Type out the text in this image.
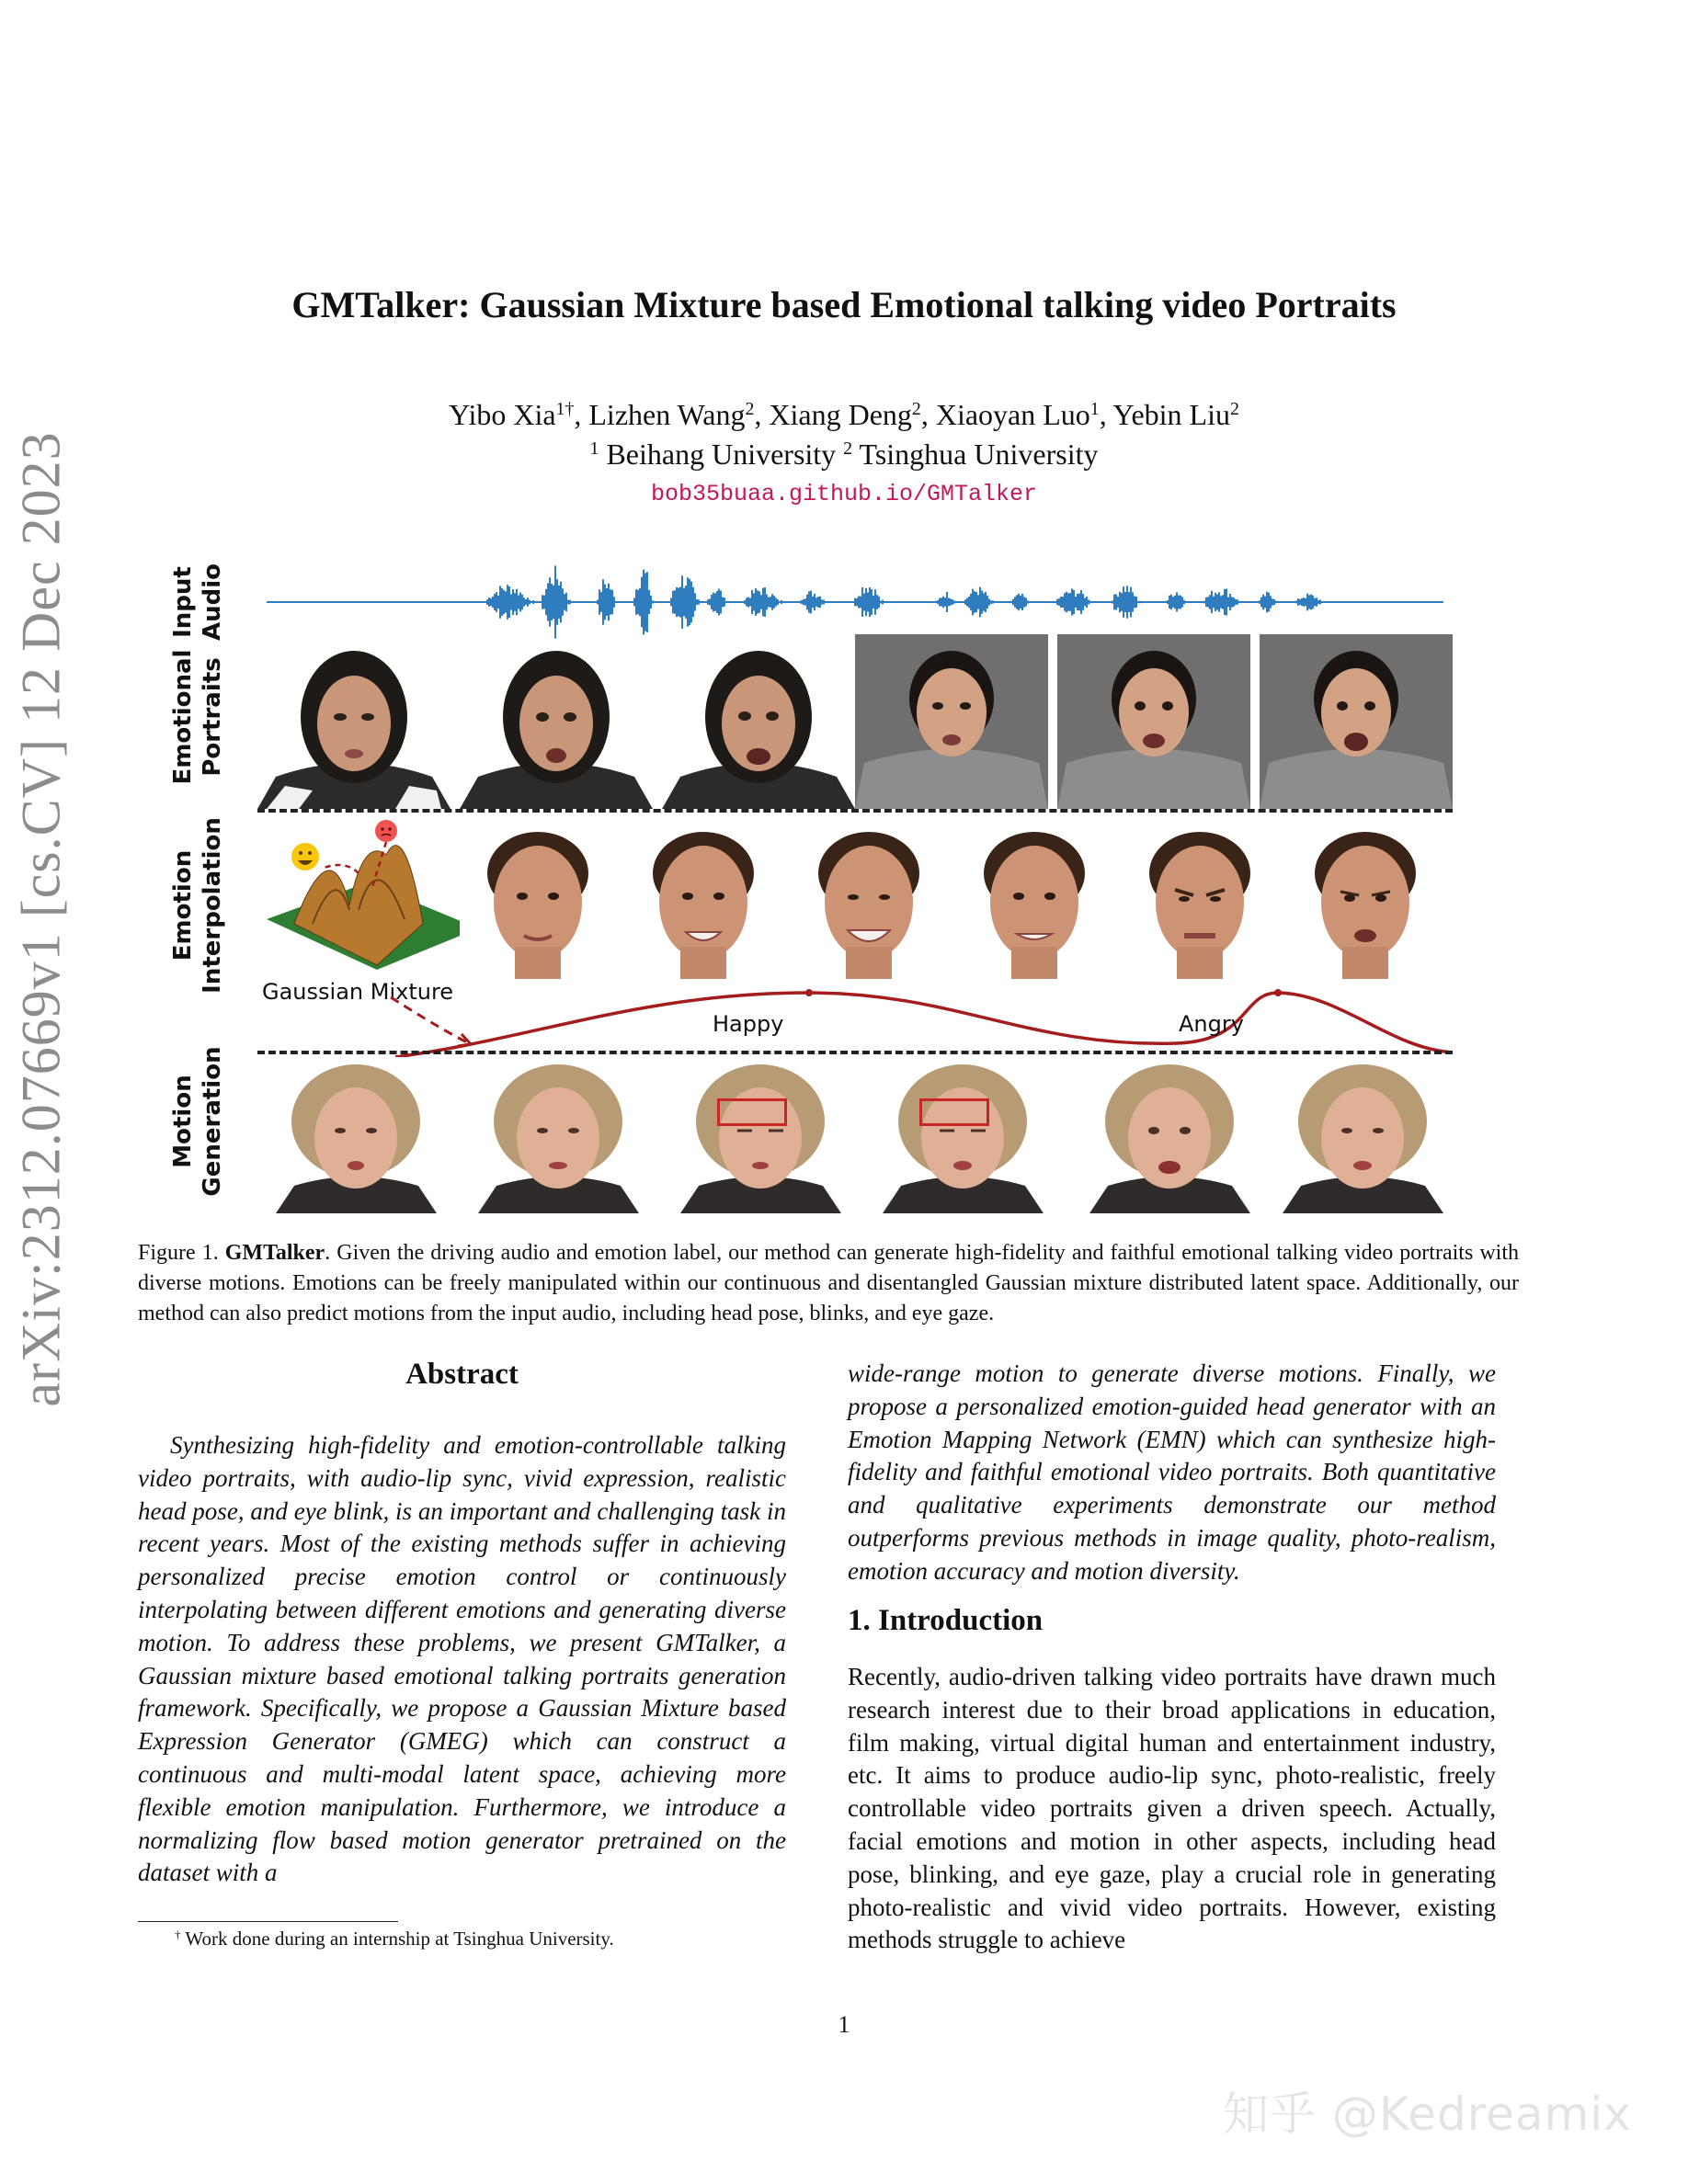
arXiv:2312.07669v1 [cs.CV] 12 Dec 2023
GMTalker: Gaussian Mixture based Emotional talking video Portraits
Yibo Xia$^{1\dagger}$, Lizhen Wang$^2$, Xiang Deng$^2$, Xiaoyan Luo$^1$, Yebin Liu$^2$
$^1$ Beihang University $^2$ Tsinghua University
bob35buaa.github.io/GMTalker
Input Audio
Emotional Portraits
Emotion Interpolation
Motion Generation
Gaussian Mixture
Happy	Angry
Figure 1. GMTalker. Given the driving audio and emotion label, our method can generate high-fidelity and faithful emotional talking video portraits with diverse motions. Emotions can be freely manipulated within our continuous and disentangled Gaussian mixture distributed latent space. Additionally, our method can also predict motions from the input audio, including head pose, blinks, and eye gaze.
Abstract
Synthesizing high-fidelity and emotion-controllable talking video portraits, with audio-lip sync, vivid expression, realistic head pose, and eye blink, is an important and challenging task in recent years. Most of the existing methods suffer in achieving personalized precise emotion control or continuously interpolating between different emotions and generating diverse motion. To address these problems, we present GMTalker, a Gaussian mixture based emotional talking portraits generation framework. Specifically, we propose a Gaussian Mixture based Expression Generator (GMEG) which can construct a continuous and multi-modal latent space, achieving more flexible emotion manipulation. Furthermore, we introduce a normalizing flow based motion generator pretrained on the dataset with a
wide-range motion to generate diverse motions. Finally, we propose a personalized emotion-guided head generator with an Emotion Mapping Network (EMN) which can synthesize high-fidelity and faithful emotional video portraits. Both quantitative and qualitative experiments demonstrate our method outperforms previous methods in image quality, photo-realism, emotion accuracy and motion diversity.
1. Introduction
Recently, audio-driven talking video portraits have drawn much research interest due to their broad applications in education, film making, virtual digital human and entertainment industry, etc. It aims to produce audio-lip sync, photo-realistic, freely controllable video portraits given a driven speech. Actually, facial emotions and motion in other aspects, including head pose, blinking, and eye gaze, play a crucial role in generating photo-realistic and vivid video portraits. However, existing methods struggle to achieve
† Work done during an internship at Tsinghua University.
1
知乎 @Kedreamix
